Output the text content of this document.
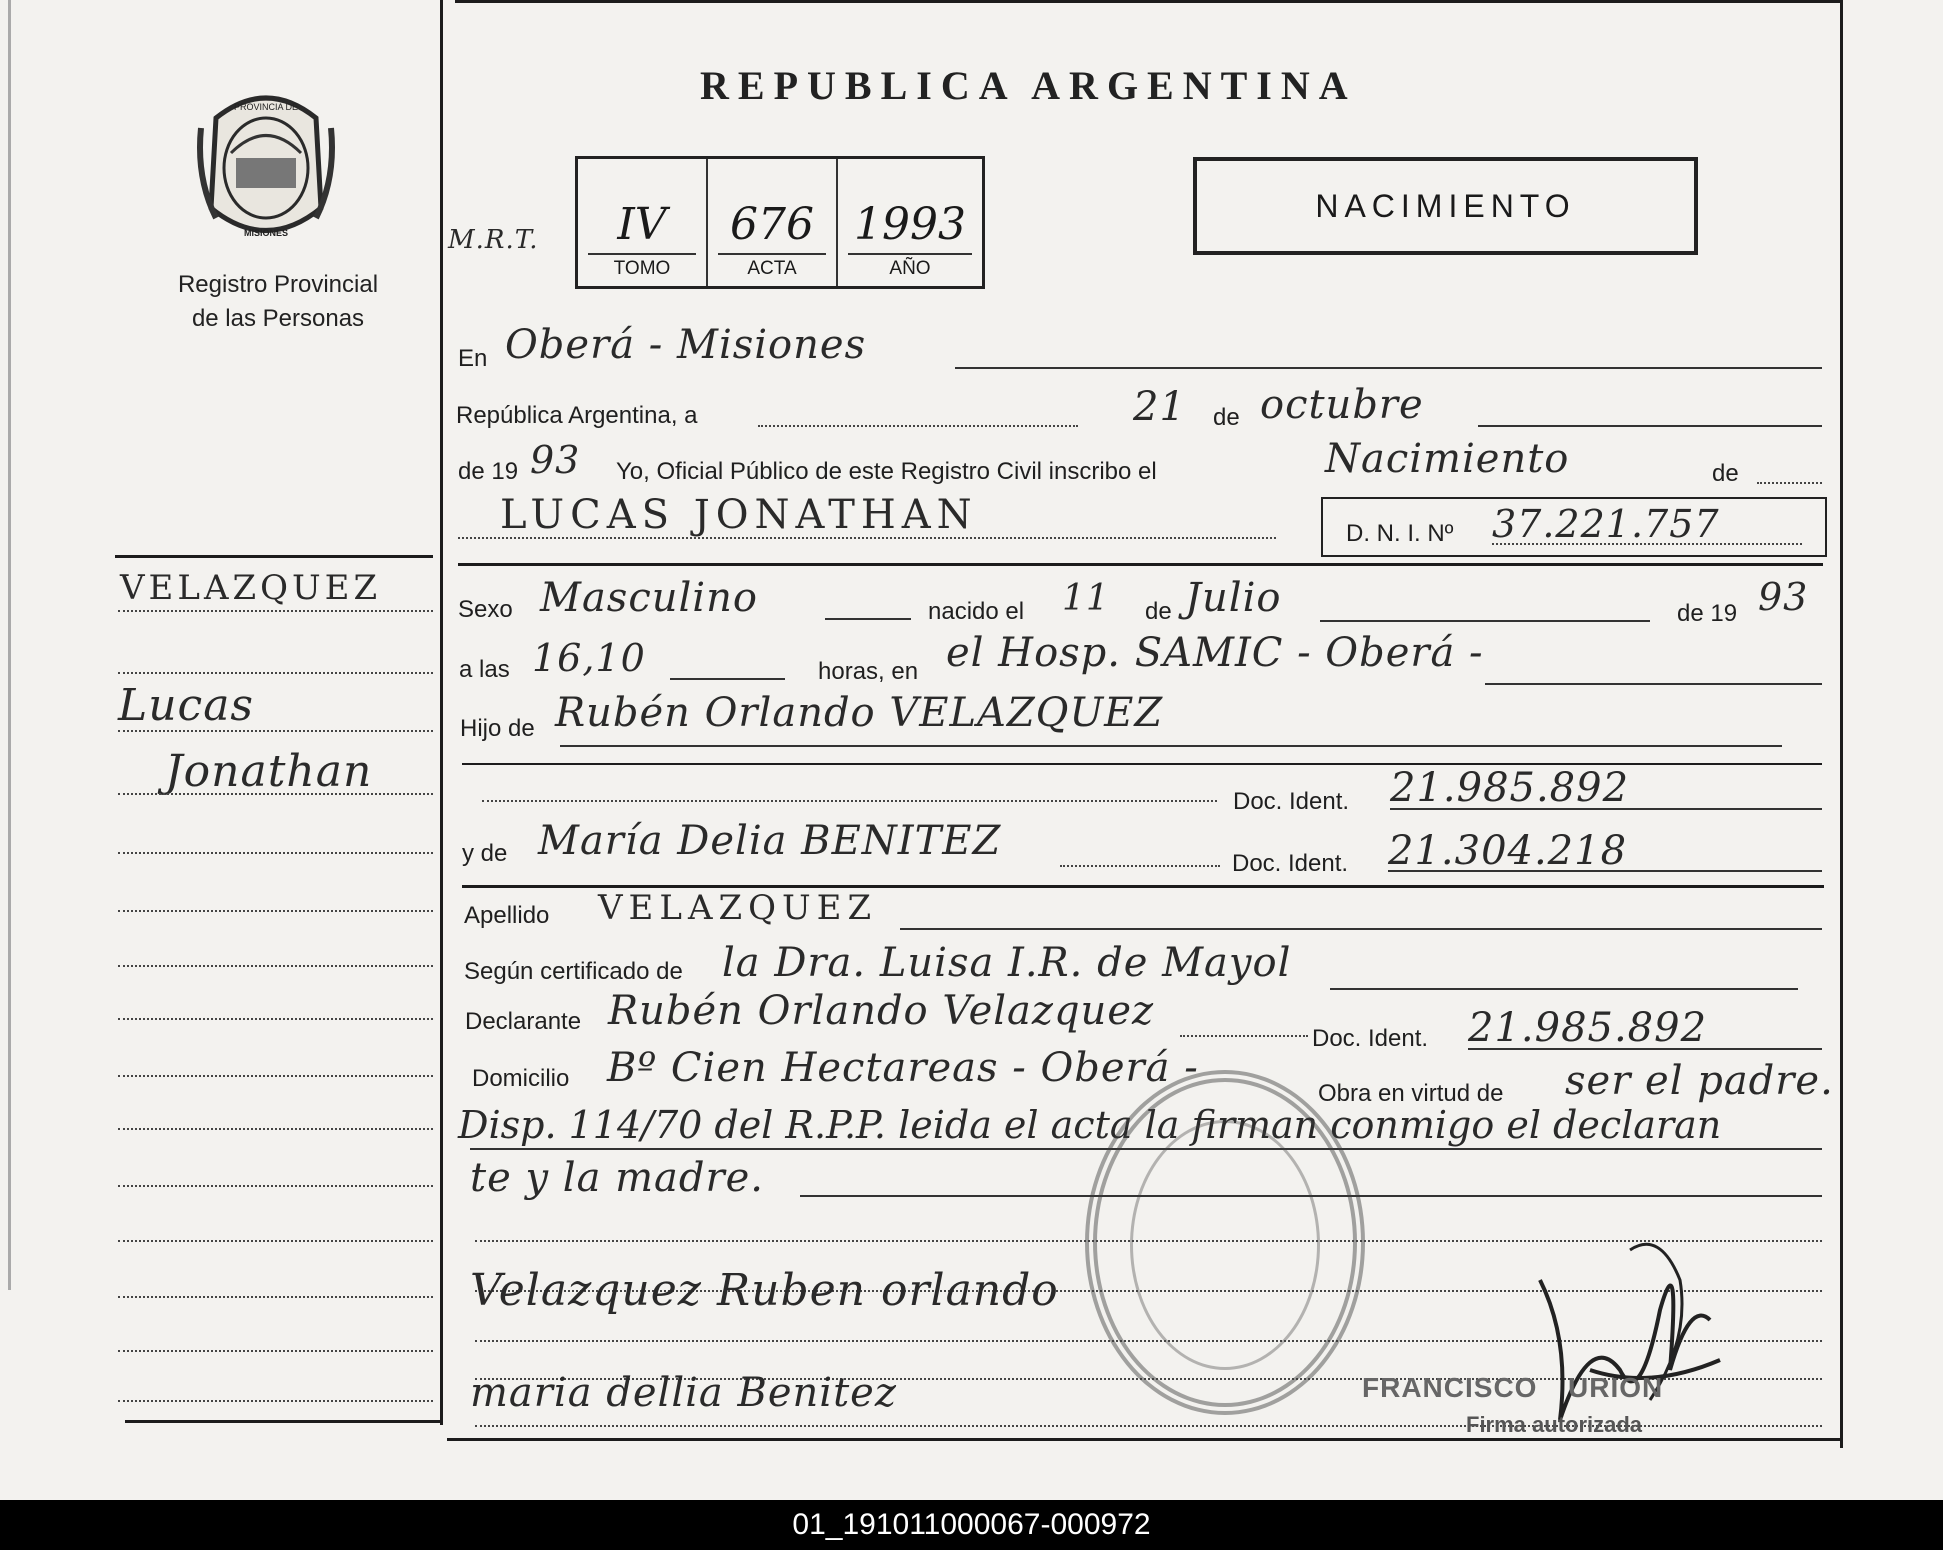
PROVINCIA DE
MISIONES
Registro Provincial
de las Personas
REPUBLICA ARGENTINA
M.R.T.	IV
TOMO
676
ACTA
1993
AÑO
NACIMIENTO
En Oberá - Misiones
República Argentina, a	21 de octubre
de 19 93 Yo, Oficial Público de este Registro Civil inscribo el	Nacimiento	de
LUCAS JONATHAN	D. N. I. Nº 37.221.757
VELAZQUEZ
Lucas
Jonathan
Sexo Masculino	nacido el 11 de Julio	de 19 93
a las 16,10	horas, en el Hosp. SAMIC - Oberá -
Hijo de Rubén Orlando VELAZQUEZ
Doc. Ident. 21.985.892
y de María Delia BENITEZ	Doc. Ident. 21.304.218
Apellido VELAZQUEZ
Según certificado de la Dra. Luisa I.R. de Mayol
Declarante Rubén Orlando Velazquez
Doc. Ident. 21.985.892
Domicilio Bº Cien Hectareas - Oberá -
Obra en virtud de ser el padre.
Disp. 114/70 del R.P.P. leida el acta la firman conmigo el declaran
te y la madre.
Velazquez Ruben orlando
maria dellia Benitez	FRANCISCO URION
Firma autorizada
01_191011000067-000972
